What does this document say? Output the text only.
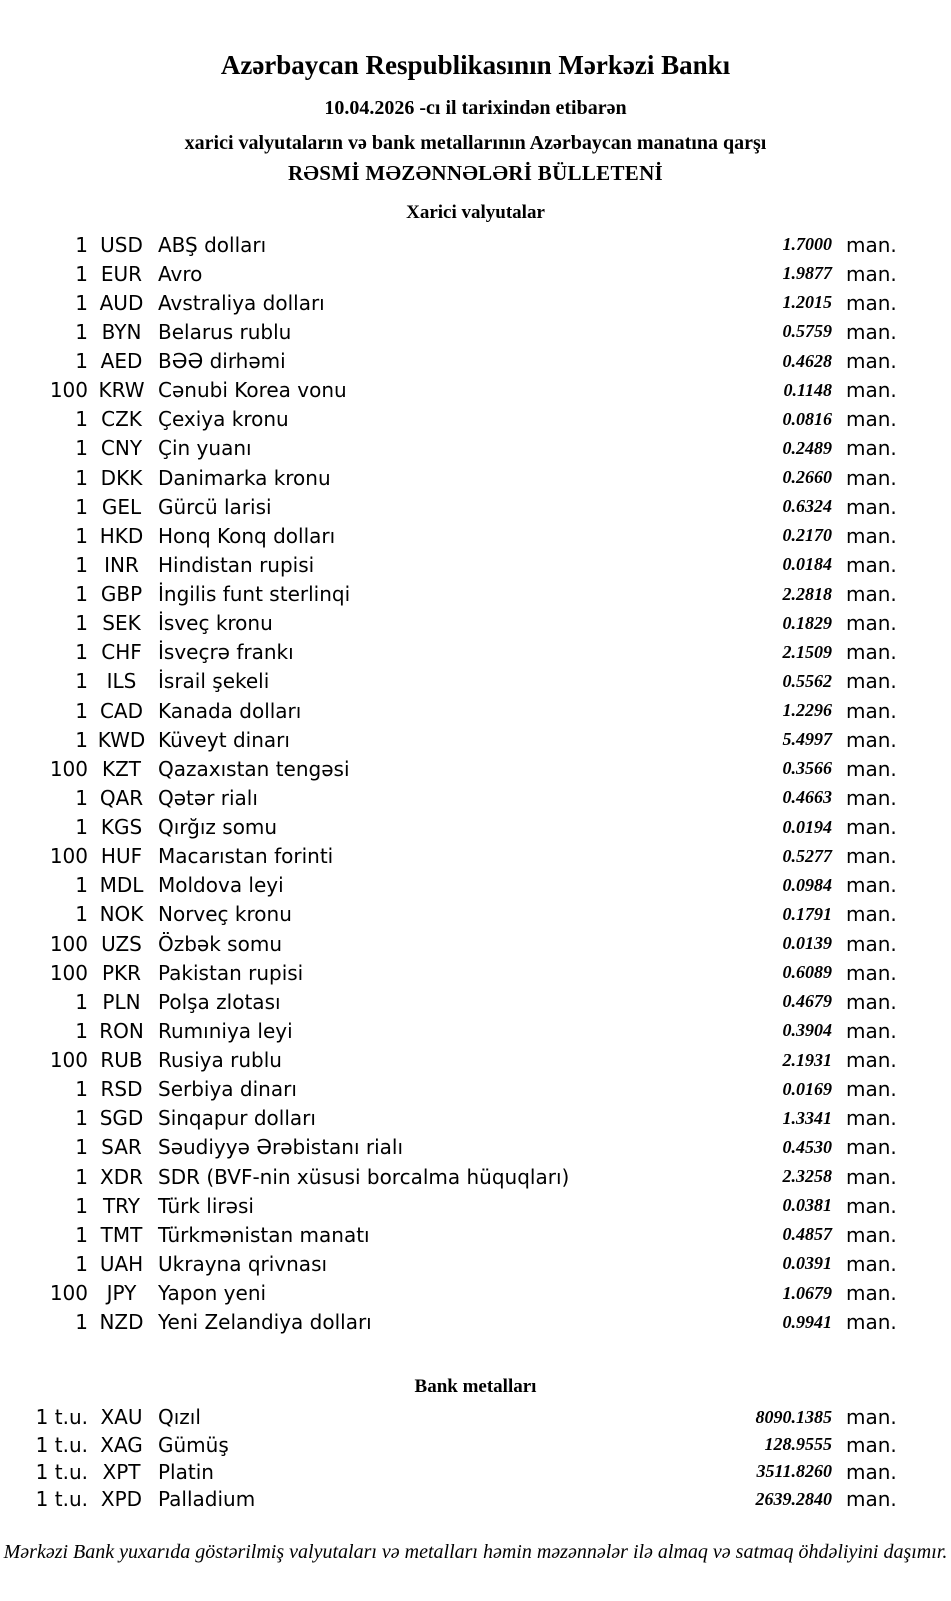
Azərbaycan Respublikasının Mərkəzi Bankı
10.04.2026 -cı il tarixindən etibarən
xarici valyutaların və bank metallarının Azərbaycan manatına qarşı
RƏSMİ MƏZƏNNƏLƏRİ BÜLLETENİ
Xarici valyutalar
1 USD ABŞ dolları	1.7000 man.
1 EUR Avro	1.9877 man.
1 AUD Avstraliya dolları	1.2015 man.
1 BYN Belarus rublu	0.5759 man.
1 AED BƏƏ dirhəmi	0.4628 man.
100 KRW Cənubi Korea vonu	0.1148 man.
1 CZK Çexiya kronu	0.0816 man.
1 CNY Çin yuanı	0.2489 man.
1 DKK Danimarka kronu	0.2660 man.
1 GEL Gürcü larisi	0.6324 man.
1 HKD Honq Konq dolları	0.2170 man.
1 INR Hindistan rupisi	0.0184 man.
1 GBP İngilis funt sterlinqi	2.2818 man.
1 SEK İsveç kronu	0.1829 man.
1 CHF İsveçrə frankı	2.1509 man.
1 ILS	İsrail şekeli	0.5562 man.
1 CAD Kanada dolları	1.2296 man.
1 KWD Küveyt dinarı	5.4997 man.
100 KZT Qazaxıstan tengəsi	0.3566 man.
1 QAR Qətər rialı	0.4663 man.
1 KGS Qırğız somu	0.0194 man.
100 HUF Macarıstan forinti	0.5277 man.
1 MDL Moldova leyi	0.0984 man.
1 NOK Norveç kronu	0.1791 man.
100 UZS Özbək somu	0.0139 man.
100 PKR Pakistan rupisi	0.6089 man.
1 PLN Polşa zlotası	0.4679 man.
1 RON Rumıniya leyi	0.3904 man.
100 RUB Rusiya rublu	2.1931 man.
1 RSD Serbiya dinarı	0.0169 man.
1 SGD Sinqapur dolları	1.3341 man.
1 SAR Səudiyyə Ərəbistanı rialı	0.4530 man.
1 XDR SDR (BVF-nin xüsusi borcalma hüquqları)	2.3258 man.
1 TRY Türk lirəsi	0.0381 man.
1 TMT Türkmənistan manatı	0.4857 man.
1 UAH Ukrayna qrivnası	0.0391 man.
100 JPY	Yapon yeni	1.0679 man.
1 NZD Yeni Zelandiya dolları	0.9941 man.
Bank metalları
1 t.u. XAU Qızıl	8090.1385 man.
1 t.u. XAG Gümüş	128.9555 man.
1 t.u. XPT Platin	3511.8260 man.
1 t.u. XPD Palladium	2639.2840 man.
Mərkəzi Bank yuxarıda göstərilmiş valyutaları və metalları həmin məzənnələr ilə almaq və satmaq öhdəliyini daşımır.
